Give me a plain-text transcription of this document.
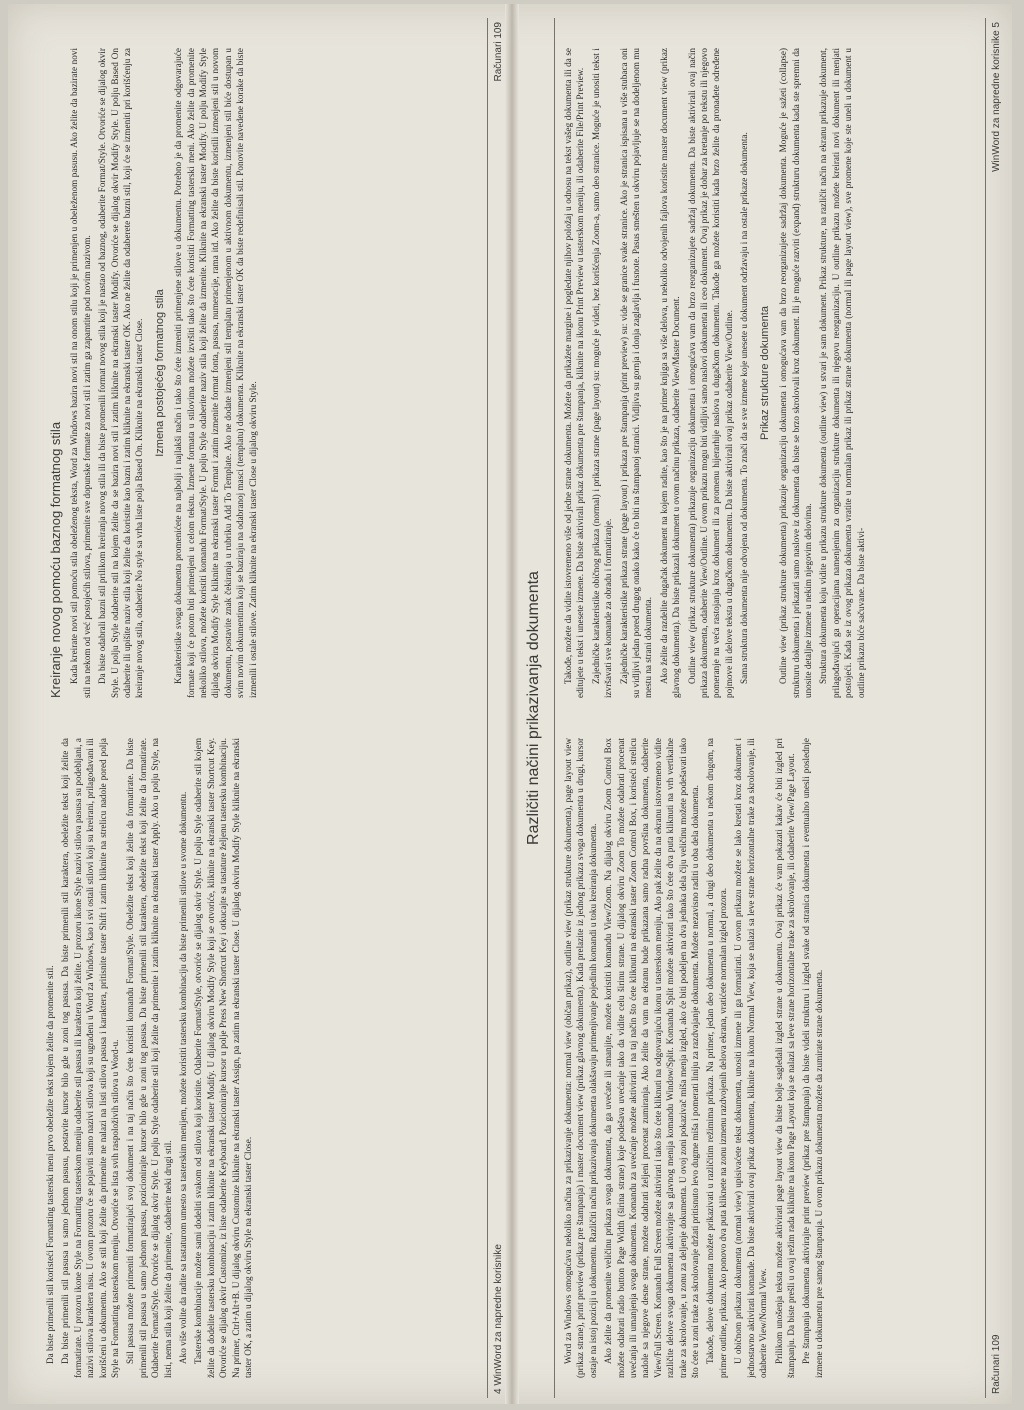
Da biste primenili stil koristeći Formatting tasterski meni prvo obeležite tekst kojem želite da promenite stil. Da biste primenili stil pasusa u samo jednom pasusu, postavite kursor bilo gde u zoni tog pasusa. Da biste primenili stil karaktera, obeležite tekst koji želite da formatirate. U prozoru ikone Style na Formatting tasterskom meniju odaberite stil pasusa ili karaktera koji želite. U prozoru ikone Style nazivi stilova pasusa su podebljani, a nazivi stilova karaktera nisu. U ovom prozoru će se pojaviti samo nazivi stilova koji su ugrađeni u Word za Windows, kao i svi ostali stilovi koji su kreirani, prilagođavani ili korišćeni u dokumentu. Ako se stil koji želite da primenite ne nalazi na listi stilova pasusa i karaktera, pritisnite taster Shift i zatim kliknite na strelicu nadole pored polja Style na Formatting tasterskom meniju. Otvoriće se lista svih raspoloživih stilova u Word-u. Stil pasusa možete primeniti formatirajući svoj dokument i na taj način što ćete koristiti komandu Format/Style. Obeležite tekst koji želite da formatirate. Da biste primenili stil pasusa u samo jednom pasusu, pozicionirajte kursor bilo gde u zoni tog pasusa. Da biste primenili stil karaktera, obeležite tekst koji želite da formatirate. Odaberite Format/Style. Otvoriće se dijalog okvir Style. U polju Style odaberite stil koji želite da primenite i zatim kliknite na ekranski taster Apply. Ako u polju Style, na listi, nema stila koji želite da primenite, odaberite neki drugi stil. Ako više volite da radite sa tastaturom umesto sa tasterskim menijem, možete koristiti tastersku kombinaciju da biste primenili stilove u svome dokumentu. Tasterske kombinacije možete sami dodeliti svakom od stilova koji koristite. Odaberite Format/Style, otvoriće se dijalog okvir Style. U polju Style odaberite stil kojem želite da dodelite tastersku kombinaciju i zatim kliknite na ekranski taster Modify. U dijalog okviru Modify Style koji se otvoriće, kliknite na ekranski taster Shortcut Key. Otvoriće se dijalog okvir Customize, iz liste odaberite Keyboard. Pozicionirajte kursor u polje Press New Shortcut Key i otkucajte sa tastature željenu tastersku kombinaciju. Na primer, Ctrl+Alt+B. U dijalog okviru Customize kliknite na ekranski taster Assign, pa zatim na ekranski taster Close. U dijalog okviru Modify Style kliknite na ekranski taster OK, a zatim u dijalog okviru Style na ekranski taster Close.

Kreiranje novog pomoću baznog formatnog stila Kada kreirate novi stil pomoću stila obeleženog teksta, Word za Windows bazira novi stil na onom stilu koji je primenjen u obeleženom pasusu. Ako želite da bazirate novi stil na nekom od već postojećih stilova, primenite sve dopunske formate za novi stil i zatim ga zapamtite pod novim nazivom. Da biste odabrali bazni stil prilikom kreiranja novog stila ili da biste promenili format novog stila koji je nastao od baznog, odaberite Format/Style. Otvoriće se dijalog okvir Style. U polju Style odaberite stil na kojem želite da se bazira novi stil i zatim kliknite na ekranski taster Modify. Otvoriće se dijalog okvir Modify Style. U polju Based On odaberite ili upišite naziv stila koji želite da koristite kao bazni i zatim kliknite na ekranski taster OK. Ako ne želite da odaberete bazni stil, koji će se izmeniti pri korišćenju za kreiranje novog stila, odaberite No style sa vrha liste polja Based On. Kliknite na ekranski taster Close. Izmena postojećeg formatnog stila Karakteristike svoga dokumenta promenićete na najbolji i najlakši način i tako što ćete izmeniti primenjene stilove u dokumentu. Potrebno je da promenite odgovarajuće formate koji će potom biti primenjeni u celom tekstu. Izmene formata u stilovima možete izvršiti tako što ćete koristiti Formatting tasterski meni. Ako želite da promenite nekoliko stilova, možete koristiti komandu Format/Style. U polju Style odaberite naziv stila koji želite da izmenite. Kliknite na ekranski taster Modify. U polju Modify Style dijalog okvira Modify Style kliknite na ekranski taster Format i zatim izmenite format fonta, pasusa, numeracije, rama itd. Ako želite da biste koristili izmenjeni stil u novom dokumentu, postavite znak čekiranja u rubriku Add To Template. Ako ne dodate izmenjeni stil templatu primenjenom u aktivnom dokumentu, izmenjeni stil biće dostupan u svim novim dokumentima koji se baziraju na odabranoj masci (templatu) dokumenta. Kliknite na ekranski taster OK da biste redefinisali stil. Ponovite navedene korake da biste izmenili i ostale stilove. Zatim kliknite na ekranski taster Close u dijalog okviru Style.

4 WinWord za napredne korisnike
Računari 109
Različiti načini prikazivanja dokumenta

Word za Windows omogućava nekoliko načina za prikazivanje dokumenta: normal view (običan prikaz), outline view (prikaz strukture dokumenta), page layout view (prikaz strane), print preview (prikaz pre štampanja) i master document view (prikaz glavnog dokumenta). Kada prelazite iz jednog prikaza svoga dokumenta u drugi, kursor ostaje na istoj poziciji u dokumentu. Različiti načini prikazivanja dokumenta olakšavaju primenjivanje pojedinih komandi u toku kreiranja dokumenta. Ako želite da promenite veličinu prikaza svoga dokumenta, da ga uvećate ili smanjite, možete koristiti komandu View/Zoom. Na dijalog okviru Zoom Control Box možete odabrati radio button Page Width (širina strane) koje podešava uvećanje tako da vidite celu širinu strane. U dijalog okviru Zoom To možete odabrati procenat uvećanja ili umanjenja svoga dokumenta. Komandu za uvećanje možete aktivirati i na taj način što ćete kliknuti na ekranski taster Zoom Control Box, i koristeći strelicu nadole sa njegove desne strane, možete odabrati željeni procenat zumiranja. Ako želite da vam na ekranu bude prikazana samo radna površina dokumenta, odaberite View/Full Screen. Komandu Full Screen možete aktivirati i tako što ćete kliknuti na odgovarajuću ikonu u tasterskom meniju. Ako pak želite da na ekranu istovremeno vidite različite delove svoga dokumenta aktivirajte sa glavnog menija komandu Window/Split. Komandu Split možete aktivirati tako što ćete dva puta kliknuti na vrh vertikalne trake za skrolovanje, u zonu za deljenje dokumenta. U ovoj zoni pokazivač miša menja izgled, ako će biti podeljen na dva jednaka dela čiju veličinu možete podešavati tako što ćete u zoni trake za skrolovanje držati pritisnuto levo dugme miša i pomerati liniju za razdvajanje dokumenta. Možete nezavisno raditi u oba dela dokumenta. Takođe, delove dokumenta možete prikazivati u različitim režimima prikaza. Na primer, jedan deo dokumenta u normal, a drugi deo dokumenta u nekom drugom, na primer outline, prikazu. Ako ponovo dva puta kliknete na zonu izmenu razdvojenih delova ekrana, vratićete normalan izgled prozora. U običnom prikazu dokumenta (normal view) upisivaćete tekst dokumenta, unositi izmene ili ga formatirati. U ovom prikazu možete se lako kretati kroz dokument i jednostavno aktivirati komande. Da biste aktivirali ovaj prikaz dokumenta, kliknite na ikonu Normal View, koja se nalazi sa leve strane horizontalne trake za skrolovanje, ili odaberite View/Normal View. Prilikom unošenja teksta možete aktivirati page layout view da biste bolje sagledali izgled strane u dokumentu. Ovaj prikaz će vam pokazati kakav će biti izgled pri štampanju. Da biste prešli u ovaj režim rada kliknite na ikonu Page Layout koja se nalazi sa leve strane horizontalne trake za skrolovanje, ili odaberite View/Page Layout. Pre štampanja dokumenta aktivirajte print preview (prikaz pre štampanja) da biste videli strukturu i izgled svake od stranica dokumenta i eventualno unesli poslednje izmene u dokumentu pre samog štampanja. U ovom prikazu dokumenta možete da zumirate strane dokumenta.

Takođe, možete da vidite istovremeno više od jedne strane dokumenta. Možete da prikažete margine i pogledate njihov položaj u odnosu na tekst vašeg dokumenta ili da se editujete u tekst i unesete izmene. Da biste aktivirali prikaz dokumenta pre štampanja, kliknite na ikonu Print Preview u tasterskom meniju, ili odaberite File/Print Preview. Zajedničke karakteristike običnog prikaza (normal) i prikaza strane (page layout) su: moguće je videti, bez korišćenja Zoom-a, samo deo stranice. Moguće je unositi tekst i izvršavati sve komande za obradu i formatiranje. Zajedničke karakteristike prikaza strane (page layout) i prikaza pre štampanja (print preview) su: vide se granice svake stranice. Ako je stranica ispisana u više stubaca oni su vidljivi jedan pored drugog onako kako će to biti na štampanoj stranici. Vidljiva su gornja i donja zaglavlja i fusnote. Pasus smešten u okviru pojavljuje se na dodeljenom mu mestu na strani dokumenta. Ako želite da razdelite dugačak dokument na kojem radite, kao što je na primer knjiga sa više delova, u nekoliko odvojenih fajlova koristite master document view (prikaz glavnog dokumenta). Da biste prikazali dokument u ovom načinu prikaza, odaberite View/Master Document. Outline view (prikaz strukture dokumenta) prikazuje organizaciju dokumenta i omogućava vam da brzo reorganizujete sadržaj dokumenta. Da biste aktivirali ovaj način prikaza dokumenta, odaberite View/Outline. U ovom prikazu mogu biti vidljivi samo naslovi dokumenta ili ceo dokument. Ovaj prikaz je dobar za kretanje po tekstu ili njegovo pomeranje na veća rastojanja kroz dokument ili za promenu hijerarhije naslova u dugačkom dokumentu. Takođe ga možete koristiti kada brzo želite da pronađete određene pojmove ili delove teksta u dugačkom dokumentu. Da biste aktivirali ovaj prikaz odaberite View/Outline. Sama struktura dokumenta nije odvojena od dokumenta. To znači da se sve izmene koje unesete u dokument održavaju i na ostale prikaze dokumenta. Prikaz strukture dokumenta Outline view (prikaz strukture dokumenta) prikazuje organizaciju dokumenta i omogućava vam da brzo reorganizujete sadržaj dokumenta. Moguće je sažeti (collapse) strukturu dokumenta i prikazati samo naslove iz dokumenta da biste se brzo skrolovali kroz dokument. Ili je moguće razviti (expand) strukturu dokumenta kada ste spremni da unosite detaljne izmene u nekim njegovim delovima. Struktura dokumenta koju vidite u prikazu strukture dokumenta (outline view) u stvari je sam dokument. Prikaz strukture, na različit način na ekranu prikazuje dokument, prilagođavajući ga operacijama namenjenim za organizaciju strukture dokumenta ili njegovu reorganizaciju. U outline prikazu možete kreirati novi dokument ili menjati postojeći. Kada se iz ovog prikaza dokumenta vratite u normalan prikaz ili prikaz strane dokumenta (normal ili page layout view), sve promene koje ste uneli u dokument u outline prikazu biće sačuvane. Da biste aktivi-

Računari 109
WinWord za napredne korisnike 5
